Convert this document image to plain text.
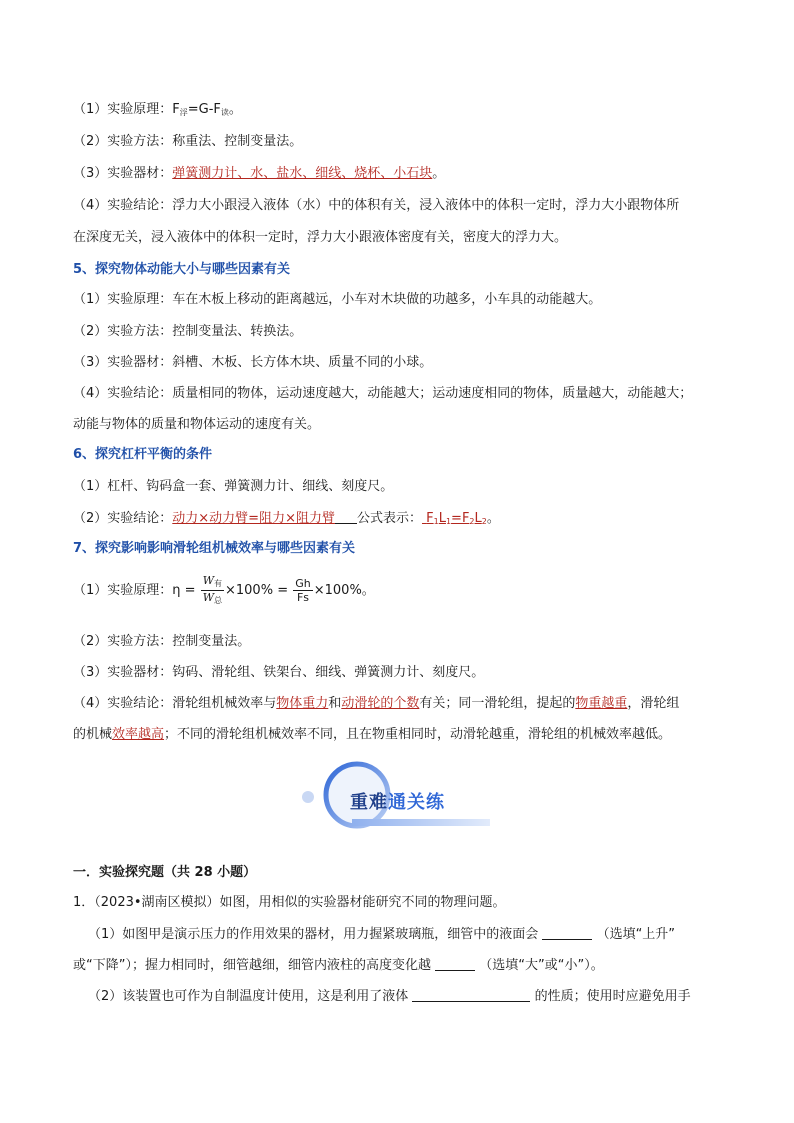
（1）实验原理：$F_浮=G-F_读$。
（2）实验方法：称重法、控制变量法。
（3）实验器材：弹簧测力计、水、盐水、细线、烧杯、小石块。
（4）实验结论：浮力大小跟浸入液体（水）中的体积有关，浸入液体中的体积一定时，浮力大小跟物体所
在深度无关，浸入液体中的体积一定时，浮力大小跟液体密度有关，密度大的浮力大。
5、探究物体动能大小与哪些因素有关
（1）实验原理：车在木板上移动的距离越远，小车对木块做的功越多，小车具的动能越大。
（2）实验方法：控制变量法、转换法。
（3）实验器材：斜槽、木板、长方体木块、质量不同的小球。
（4）实验结论：质量相同的物体，运动速度越大，动能越大；运动速度相同的物体，质量越大，动能越大；
动能与物体的质量和物体运动的速度有关。
6、探究杠杆平衡的条件
（1）杠杆、钩码盒一套、弹簧测力计、细线、刻度尺。
（2）实验结论：动力×动力臂=阻力×阻力臂 公式表示： $F_1L_1=F_2L_2$。
7、探究影响影响滑轮组机械效率与哪些因素有关
（1）实验原理：$\eta = \frac{W_有}{W_总} \times 100\% = \frac{Gh}{Fs} \times 100\%$。
（2）实验方法：控制变量法。
（3）实验器材：钩码、滑轮组、铁架台、细线、弹簧测力计、刻度尺。
（4）实验结论：滑轮组机械效率与物体重力和动滑轮的个数有关；同一滑轮组，提起的物重越重，滑轮组
的机械效率越高；不同的滑轮组机械效率不同，且在物重相同时，动滑轮越重，滑轮组的机械效率越低。
重难通关练
一．实验探究题（共 28 小题）
1．（2023•湖南区模拟）如图，用相似的实验器材能研究不同的物理问题。
（1）如图甲是演示压力的作用效果的器材，用力握紧玻璃瓶，细管中的液面会	（选填“上升”
或“下降”）；握力相同时，细管越细，细管内液柱的高度变化越	（选填“大”或“小”）。
（2）该装置也可作为自制温度计使用，这是利用了液体	的性质；使用时应避免用手
